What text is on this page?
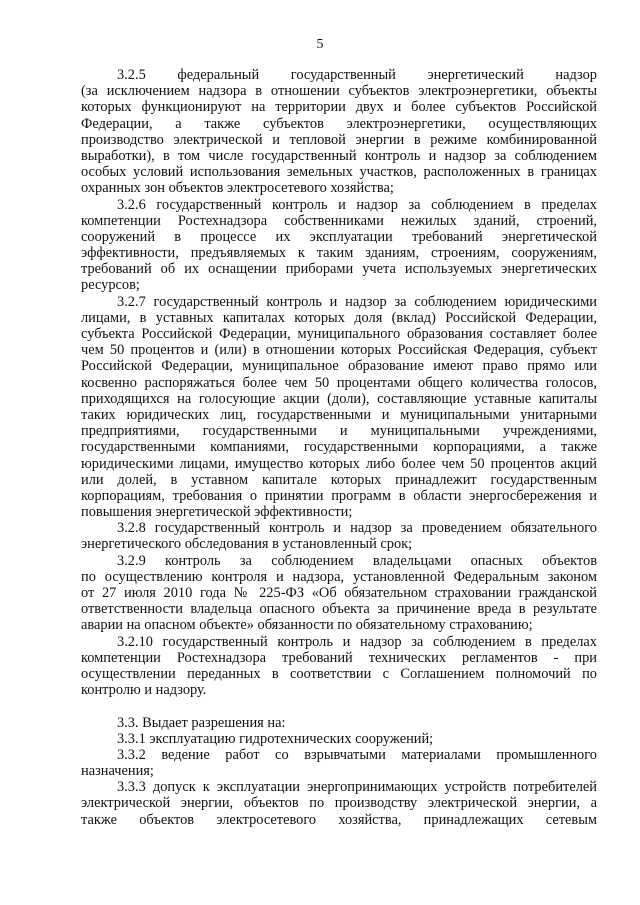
5
3.2.5 федеральный государственный энергетический надзор
(за исключением надзора в отношении субъектов электроэнергетики, объекты
которых функционируют на территории двух и более субъектов Российской
Федерации, а также субъектов электроэнергетики, осуществляющих
производство электрической и тепловой энергии в режиме комбинированной
выработки), в том числе государственный контроль и надзор за соблюдением
особых условий использования земельных участков, расположенных в границах
охранных зон объектов электросетевого хозяйства;
3.2.6 государственный контроль и надзор за соблюдением в пределах
компетенции Ростехнадзора собственниками нежилых зданий, строений,
сооружений в процессе их эксплуатации требований энергетической
эффективности, предъявляемых к таким зданиям, строениям, сооружениям,
требований об их оснащении приборами учета используемых энергетических
ресурсов;
3.2.7 государственный контроль и надзор за соблюдением юридическими
лицами, в уставных капиталах которых доля (вклад) Российской Федерации,
субъекта Российской Федерации, муниципального образования составляет более
чем 50 процентов и (или) в отношении которых Российская Федерация, субъект
Российской Федерации, муниципальное образование имеют право прямо или
косвенно распоряжаться более чем 50 процентами общего количества голосов,
приходящихся на голосующие акции (доли), составляющие уставные капиталы
таких юридических лиц, государственными и муниципальными унитарными
предприятиями, государственными и муниципальными учреждениями,
государственными компаниями, государственными корпорациями, а также
юридическими лицами, имущество которых либо более чем 50 процентов акций
или долей, в уставном капитале которых принадлежит государственным
корпорациям, требования о принятии программ в области энергосбережения и
повышения энергетической эффективности;
3.2.8 государственный контроль и надзор за проведением обязательного
энергетического обследования в установленный срок;
3.2.9 контроль за соблюдением владельцами опасных объектов
по осуществлению контроля и надзора, установленной Федеральным законом
от 27 июля 2010 года № 225-ФЗ «Об обязательном страховании гражданской
ответственности владельца опасного объекта за причинение вреда в результате
аварии на опасном объекте» обязанности по обязательному страхованию;
3.2.10 государственный контроль и надзор за соблюдением в пределах
компетенции Ростехнадзора требований технических регламентов - при
осуществлении переданных в соответствии с Соглашением полномочий по
контролю и надзору.
3.3. Выдает разрешения на:
3.3.1 эксплуатацию гидротехнических сооружений;
3.3.2 ведение работ со взрывчатыми материалами промышленного
назначения;
3.3.3 допуск к эксплуатации энергопринимающих устройств потребителей
электрической энергии, объектов по производству электрической энергии, а
также объектов электросетевого хозяйства, принадлежащих сетевым
